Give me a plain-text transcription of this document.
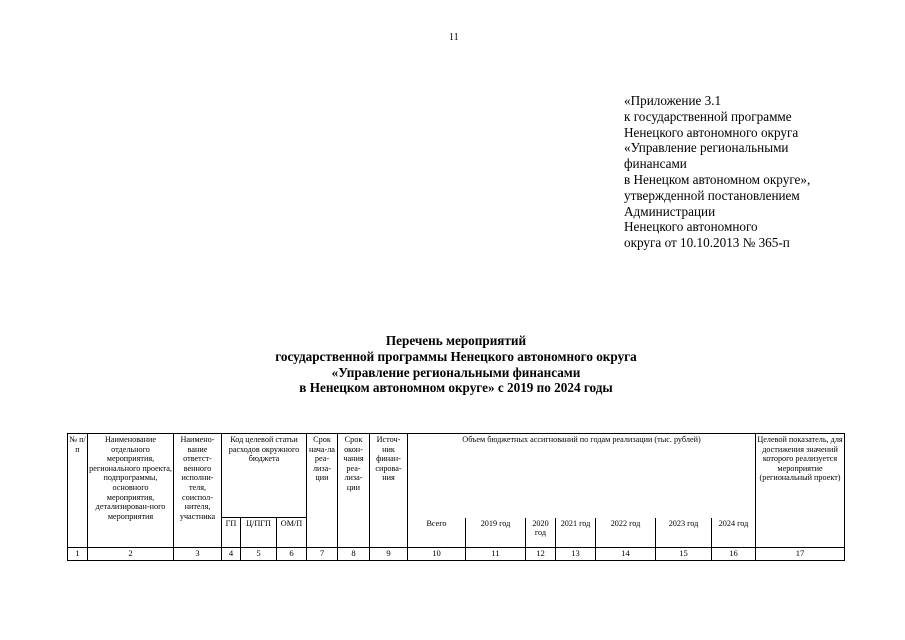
11
«Приложение 3.1
к государственной программе
Ненецкого автономного округа
«Управление региональными
финансами
в Ненецком автономном округе»,
утвержденной постановлением
Администрации
Ненецкого автономного
округа от 10.10.2013 № 365-п
Перечень мероприятий
государственной программы Ненецкого автономного округа
«Управление региональными финансами
в Ненецком автономном округе» с 2019 по 2024 годы
№ п/п	Наименование отдельного мероприятия, регионального проекта, подпрограммы, основного мероприятия, детализирован-ного мероприятия	Наимено-вание ответст-венного исполни-теля, соиспол-нителя, участника	Код целевой статьи расходов окружного бюджета			Срок нача-ла реа-лиза-ции	Срок окон-чания реа-лиза-ции	Источ-ник финан-сирова-ния	Объем бюджетных ассигнований по годам реализации (тыс. рублей)							Целевой показатель, для достижения значений которого реализуется мероприятие (региональный проект)
			ГП	Ц/ПГП	ОМ/П				Всего	2019 год	2020 год	2021 год	2022 год	2023 год	2024 год	
1	2	3	4	5	6	7	8	9	10	11	12	13	14	15	16	17
